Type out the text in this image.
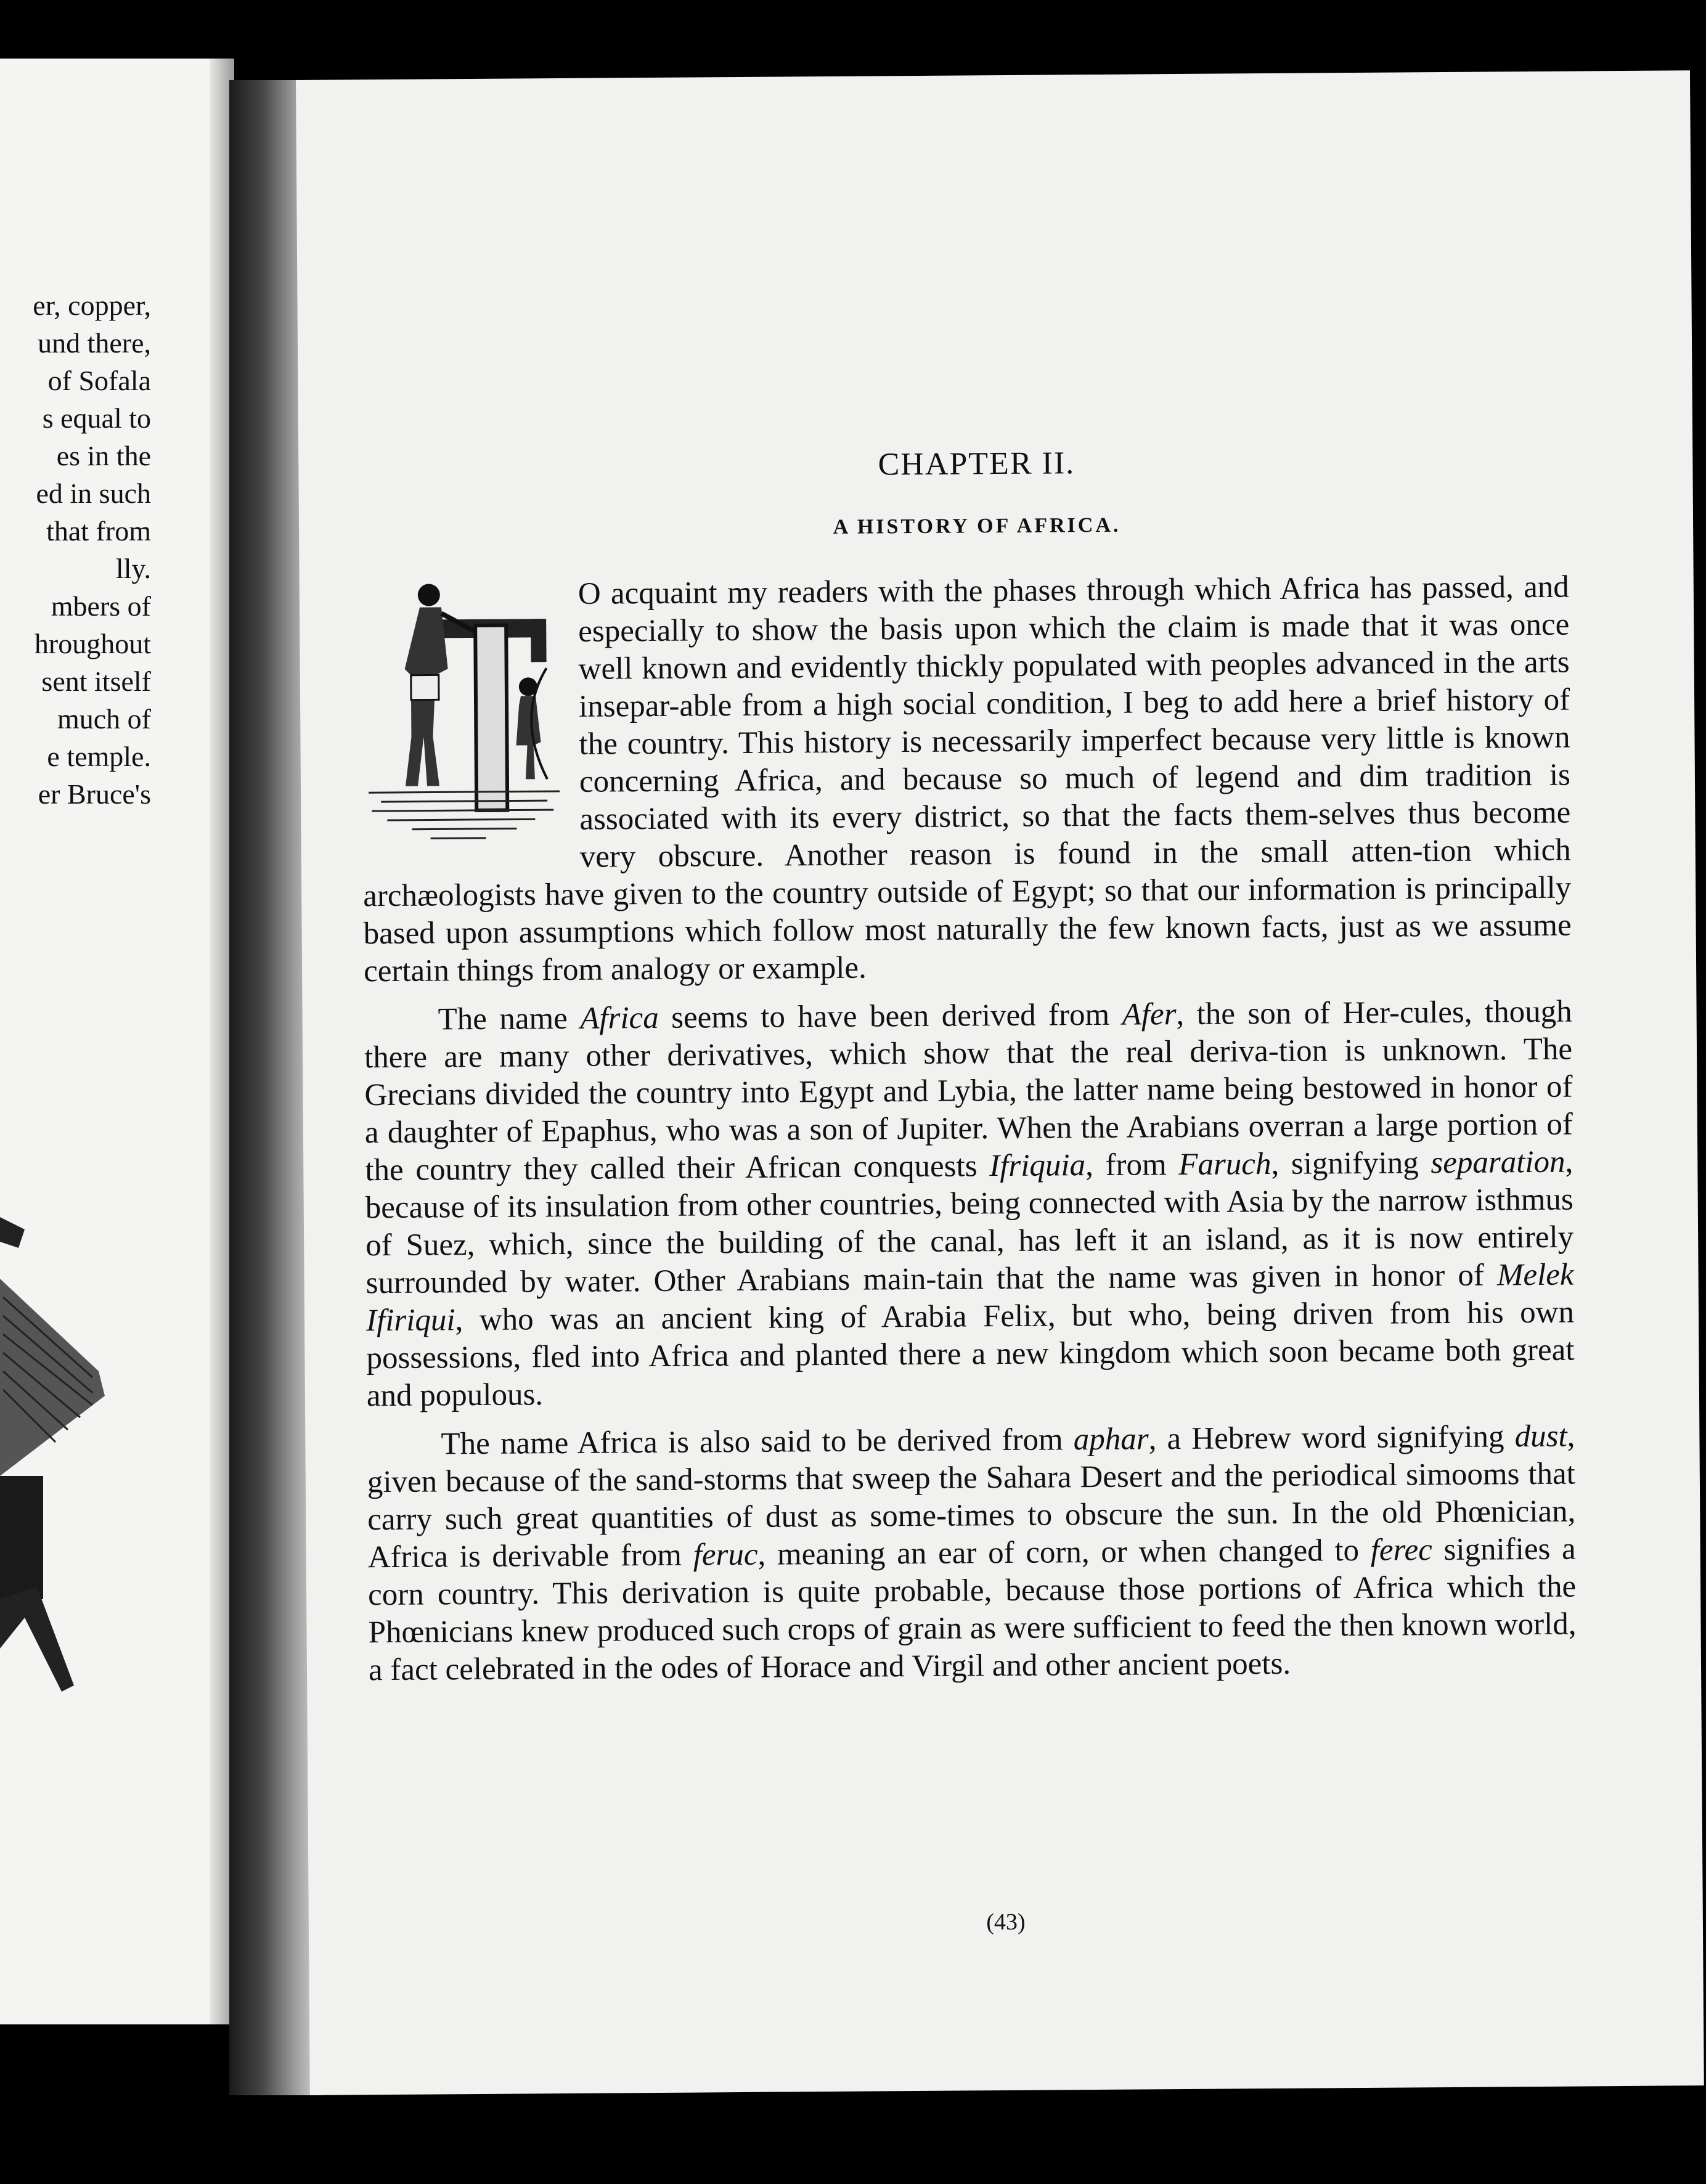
er, copper,
und there,
of Sofala
s equal to
es in the
ed in such
that from
lly.
mbers of
hroughout
sent itself
much of
e temple.
er Bruce's
CHAPTER II.
A HISTORY OF AFRICA.

O acquaint my readers with the phases through which Africa has passed, and especially to show the basis upon which the claim is made that it was once well known and evidently thickly populated with peoples advanced in the arts insepar-able from a high social condition, I beg to add here a brief history of the country. This history is necessarily imperfect because very little is known concerning Africa, and because so much of legend and dim tradition is associated with its every district, so that the facts them-selves thus become very obscure. Another reason is found in the small atten-tion which archæologists have given to the country outside of Egypt; so that our information is principally based upon assumptions which follow most naturally the few known facts, just as we assume certain things from analogy or example.

The name Africa seems to have been derived from Afer, the son of Her-cules, though there are many other derivatives, which show that the real deriva-tion is unknown. The Grecians divided the country into Egypt and Lybia, the latter name being bestowed in honor of a daughter of Epaphus, who was a son of Jupiter. When the Arabians overran a large portion of the country they called their African conquests Ifriquia, from Faruch, signifying separation, because of its insulation from other countries, being connected with Asia by the narrow isthmus of Suez, which, since the building of the canal, has left it an island, as it is now entirely surrounded by water. Other Arabians main-tain that the name was given in honor of Melek Ifiriqui, who was an ancient king of Arabia Felix, but who, being driven from his own possessions, fled into Africa and planted there a new kingdom which soon became both great and populous.

The name Africa is also said to be derived from aphar, a Hebrew word signifying dust, given because of the sand-storms that sweep the Sahara Desert and the periodical simooms that carry such great quantities of dust as some-times to obscure the sun. In the old Phœnician, Africa is derivable from feruc, meaning an ear of corn, or when changed to ferec signifies a corn country. This derivation is quite probable, because those portions of Africa which the Phœnicians knew produced such crops of grain as were sufficient to feed the then known world, a fact celebrated in the odes of Horace and Virgil and other ancient poets.

(43)
